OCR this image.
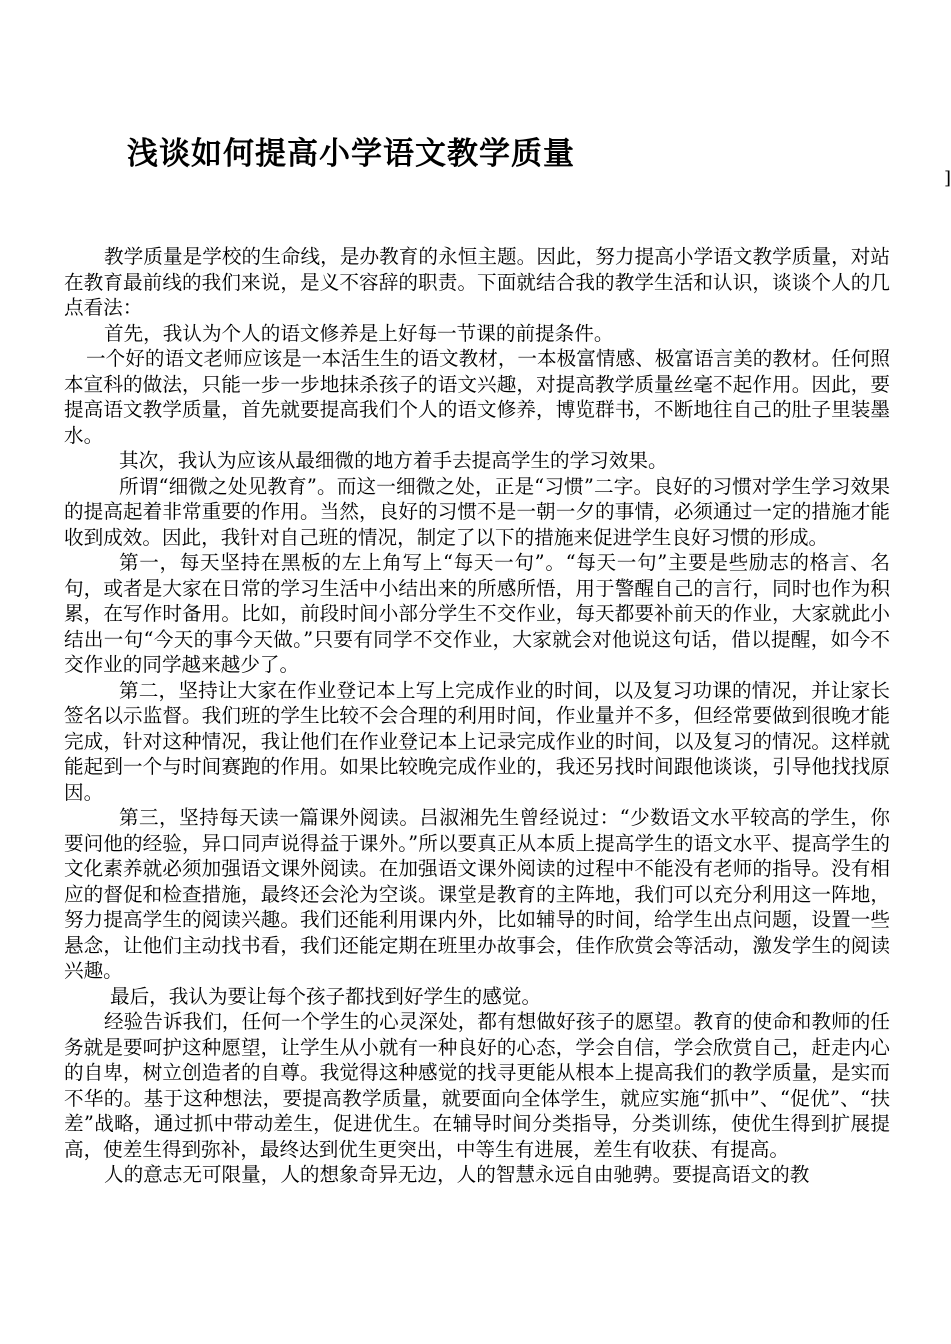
浅谈如何提高小学语文教学质量
]

教学质量是学校的生命线，是办教育的永恒主题。因此，努力提高小学语文教学质量，对站在教育最前线的我们来说，是义不容辞的职责。下面就结合我的教学生活和认识，谈谈个人的几点看法：

首先，我认为个人的语文修养是上好每一节课的前提条件。

一个好的语文老师应该是一本活生生的语文教材，一本极富情感、极富语言美的教材。任何照本宣科的做法，只能一步一步地抹杀孩子的语文兴趣，对提高教学质量丝毫不起作用。因此，要提高语文教学质量，首先就要提高我们个人的语文修养，博览群书，不断地往自己的肚子里装墨水。

其次，我认为应该从最细微的地方着手去提高学生的学习效果。

所谓“细微之处见教育”。而这一细微之处，正是“习惯”二字。良好的习惯对学生学习效果的提高起着非常重要的作用。当然，良好的习惯不是一朝一夕的事情，必须通过一定的措施才能收到成效。因此，我针对自己班的情况，制定了以下的措施来促进学生良好习惯的形成。

第一，每天坚持在黑板的左上角写上“每天一句”。“每天一句”主要是些励志的格言、名句，或者是大家在日常的学习生活中小结出来的所感所悟，用于警醒自己的言行，同时也作为积累，在写作时备用。比如，前段时间小部分学生不交作业，每天都要补前天的作业，大家就此小结出一句“今天的事今天做。”只要有同学不交作业，大家就会对他说这句话，借以提醒，如今不交作业的同学越来越少了。

第二，坚持让大家在作业登记本上写上完成作业的时间，以及复习功课的情况，并让家长签名以示监督。我们班的学生比较不会合理的利用时间，作业量并不多，但经常要做到很晚才能完成，针对这种情况，我让他们在作业登记本上记录完成作业的时间，以及复习的情况。这样就能起到一个与时间赛跑的作用。如果比较晚完成作业的，我还另找时间跟他谈谈，引导他找找原因。

第三，坚持每天读一篇课外阅读。吕淑湘先生曾经说过：“少数语文水平较高的学生，你要问他的经验，异口同声说得益于课外。”所以要真正从本质上提高学生的语文水平、提高学生的文化素养就必须加强语文课外阅读。在加强语文课外阅读的过程中不能没有老师的指导。没有相应的督促和检查措施，最终还会沦为空谈。课堂是教育的主阵地，我们可以充分利用这一阵地，努力提高学生的阅读兴趣。我们还能利用课内外，比如辅导的时间，给学生出点问题，设置一些悬念，让他们主动找书看，我们还能定期在班里办故事会，佳作欣赏会等活动，激发学生的阅读兴趣。

最后，我认为要让每个孩子都找到好学生的感觉。

经验告诉我们，任何一个学生的心灵深处，都有想做好孩子的愿望。教育的使命和教师的任务就是要呵护这种愿望，让学生从小就有一种良好的心态，学会自信，学会欣赏自己，赶走内心的自卑，树立创造者的自尊。我觉得这种感觉的找寻更能从根本上提高我们的教学质量，是实而不华的。基于这种想法，要提高教学质量，就要面向全体学生，就应实施“抓中”、“促优”、“扶差”战略，通过抓中带动差生，促进优生。在辅导时间分类指导，分类训练，使优生得到扩展提高，使差生得到弥补，最终达到优生更突出，中等生有进展，差生有收获、有提高。

人的意志无可限量，人的想象奇异无边，人的智慧永远自由驰骋。要提高语文的教
